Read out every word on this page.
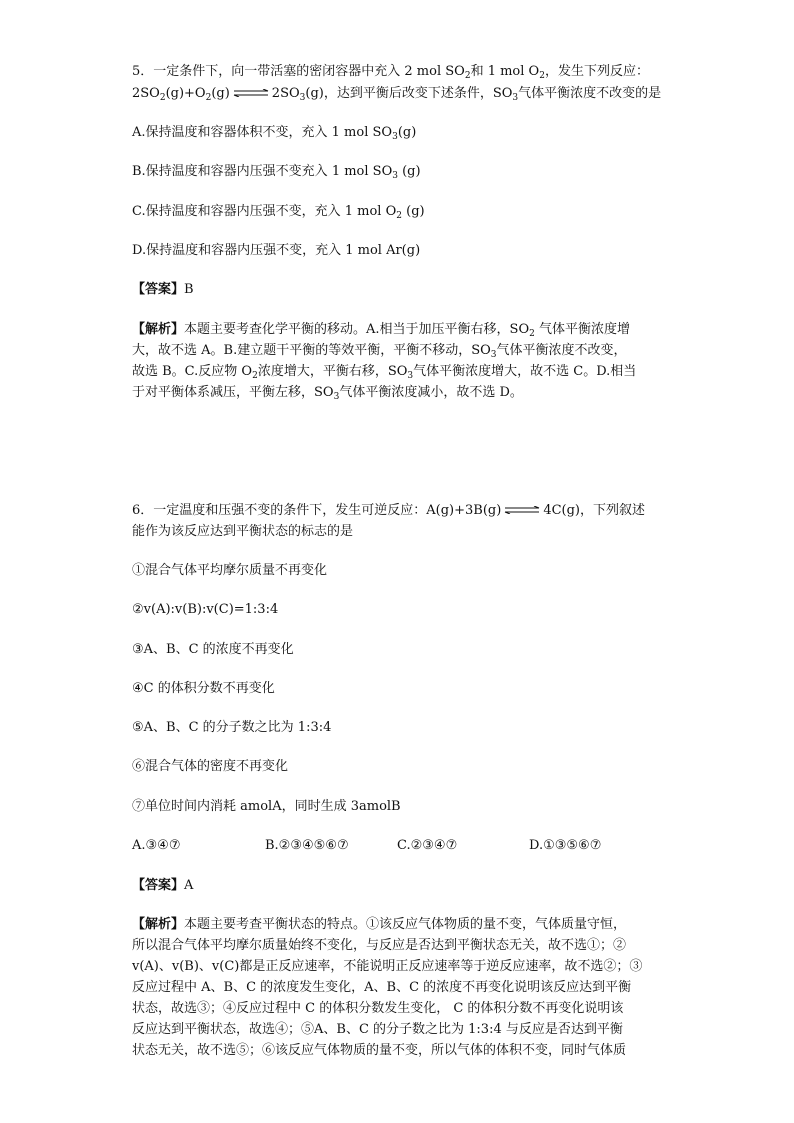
5．一定条件下，向一带活塞的密闭容器中充入 2 mol $SO_2$和 1 mol $O_2$，发生下列反应：
$2SO_2(g)+O_2(g)$ ⇌ $2SO_3(g)$，达到平衡后改变下述条件，$SO_3$气体平衡浓度不改变的是
A.保持温度和容器体积不变，充入 1 mol $SO_3(g)$
B.保持温度和容器内压强不变充入 1 mol $SO_3$ (g)
C.保持温度和容器内压强不变，充入 1 mol $O_2$ (g)
D.保持温度和容器内压强不变，充入 1 mol Ar(g)
【答案】B
【解析】本题主要考查化学平衡的移动。A.相当于加压平衡右移，$SO_2$ 气体平衡浓度增
大，故不选 A。B.建立题干平衡的等效平衡，平衡不移动，$SO_3$气体平衡浓度不改变，
故选 B。C.反应物 $O_2$浓度增大，平衡右移，$SO_3$气体平衡浓度增大，故不选 C。D.相当
于对平衡体系减压，平衡左移，$SO_3$气体平衡浓度减小，故不选 D。
6．一定温度和压强不变的条件下，发生可逆反应：A(g)+3B(g) ⇌ 4C(g)，下列叙述
能作为该反应达到平衡状态的标志的是
①混合气体平均摩尔质量不再变化
②v(A):v(B):v(C)=1:3:4
③A、B、C 的浓度不再变化
④C 的体积分数不再变化
⑤A、B、C 的分子数之比为 1:3:4
⑥混合气体的密度不再变化
⑦单位时间内消耗 amolA，同时生成 3amolB
A.③④⑦	B.②③④⑤⑥⑦	C.②③④⑦	D.①③⑤⑥⑦
【答案】A
【解析】本题主要考查平衡状态的特点。①该反应气体物质的量不变，气体质量守恒，
所以混合气体平均摩尔质量始终不变化，与反应是否达到平衡状态无关，故不选①；②
v(A)、v(B)、v(C)都是正反应速率，不能说明正反应速率等于逆反应速率，故不选②；③
反应过程中 A、B、C 的浓度发生变化，A、B、C 的浓度不再变化说明该反应达到平衡
状态，故选③；④反应过程中 C 的体积分数发生变化， C 的体积分数不再变化说明该
反应达到平衡状态，故选④；⑤A、B、C 的分子数之比为 1:3:4 与反应是否达到平衡
状态无关，故不选⑤；⑥该反应气体物质的量不变，所以气体的体积不变，同时气体质
